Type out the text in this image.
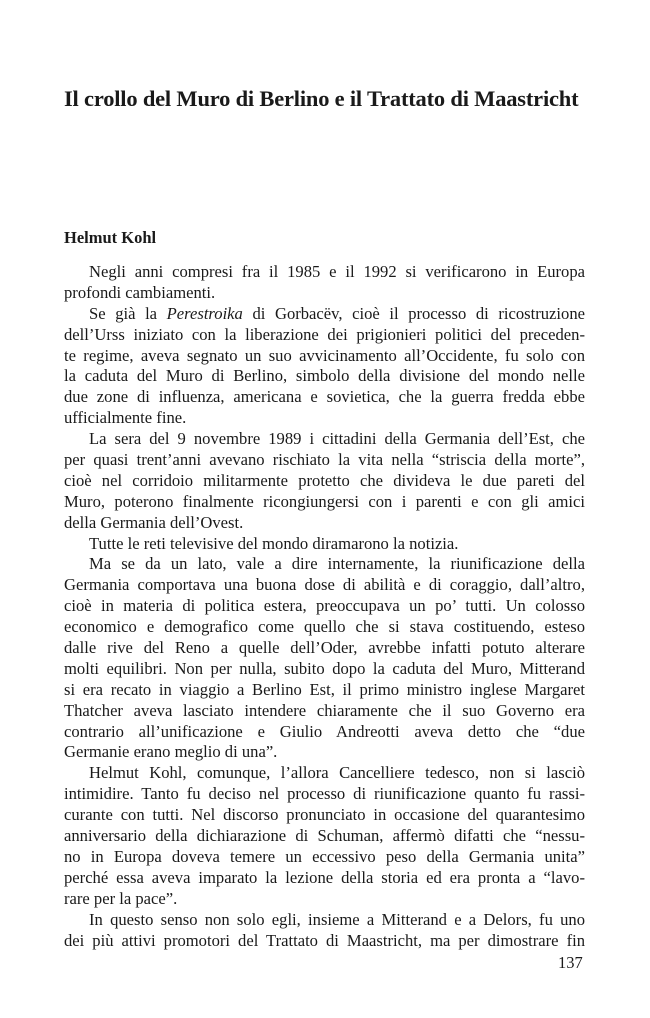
Il crollo del Muro di Berlino e il Trattato di Maastricht
Helmut Kohl
Negli anni compresi fra il 1985 e il 1992 si verificarono in Europa
profondi cambiamenti.
Se già la Perestroika di Gorbacëv, cioè il processo di ricostruzione
dell’Urss iniziato con la liberazione dei prigionieri politici del preceden-
te regime, aveva segnato un suo avvicinamento all’Occidente, fu solo con
la caduta del Muro di Berlino, simbolo della divisione del mondo nelle
due zone di influenza, americana e sovietica, che la guerra fredda ebbe
ufficialmente fine.
La sera del 9 novembre 1989 i cittadini della Germania dell’Est, che
per quasi trent’anni avevano rischiato la vita nella “striscia della morte”,
cioè nel corridoio militarmente protetto che divideva le due pareti del
Muro, poterono finalmente ricongiungersi con i parenti e con gli amici
della Germania dell’Ovest.
Tutte le reti televisive del mondo diramarono la notizia.
Ma se da un lato, vale a dire internamente, la riunificazione della
Germania comportava una buona dose di abilità e di coraggio, dall’altro,
cioè in materia di politica estera, preoccupava un po’ tutti. Un colosso
economico e demografico come quello che si stava costituendo, esteso
dalle rive del Reno a quelle dell’Oder, avrebbe infatti potuto alterare
molti equilibri. Non per nulla, subito dopo la caduta del Muro, Mitterand
si era recato in viaggio a Berlino Est, il primo ministro inglese Margaret
Thatcher aveva lasciato intendere chiaramente che il suo Governo era
contrario all’unificazione e Giulio Andreotti aveva detto che “due
Germanie erano meglio di una”.
Helmut Kohl, comunque, l’allora Cancelliere tedesco, non si lasciò
intimidire. Tanto fu deciso nel processo di riunificazione quanto fu rassi-
curante con tutti. Nel discorso pronunciato in occasione del quarantesimo
anniversario della dichiarazione di Schuman, affermò difatti che “nessu-
no in Europa doveva temere un eccessivo peso della Germania unita”
perché essa aveva imparato la lezione della storia ed era pronta a “lavo-
rare per la pace”.
In questo senso non solo egli, insieme a Mitterand e a Delors, fu uno
dei più attivi promotori del Trattato di Maastricht, ma per dimostrare fin
137
